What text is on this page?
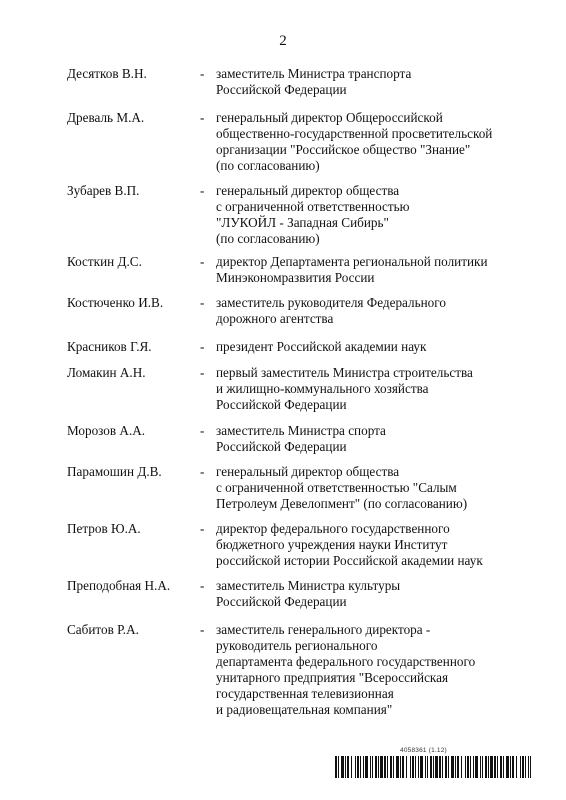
2
Десятков В.Н.	- заместитель Министра транспорта
Российской Федерации
Древаль М.А.	- генеральный директор Общероссийской
общественно-государственной просветительской
организации "Российское общество "Знание"
(по согласованию)
Зубарев В.П.	- генеральный директор общества
с ограниченной ответственностью
"ЛУКОЙЛ - Западная Сибирь"
(по согласованию)
Косткин Д.С.	- директор Департамента региональной политики
Минэкономразвития России
Костюченко И.В.	- заместитель руководителя Федерального
дорожного агентства
Красников Г.Я.	- президент Российской академии наук
Ломакин А.Н.	- первый заместитель Министра строительства
и жилищно-коммунального хозяйства
Российской Федерации
Морозов А.А.	- заместитель Министра спорта
Российской Федерации
Парамошин Д.В.	- генеральный директор общества
с ограниченной ответственностью "Салым
Петролеум Девелопмент" (по согласованию)
Петров Ю.А.	- директор федерального государственного
бюджетного учреждения науки Институт
российской истории Российской академии наук
Преподобная Н.А. - заместитель Министра культуры
Российской Федерации
Сабитов Р.А.	- заместитель генерального директора -
руководитель регионального
департамента федерального государственного
унитарного предприятия "Всероссийская
государственная телевизионная
и радиовещательная компания"
4058361 (1.12)
